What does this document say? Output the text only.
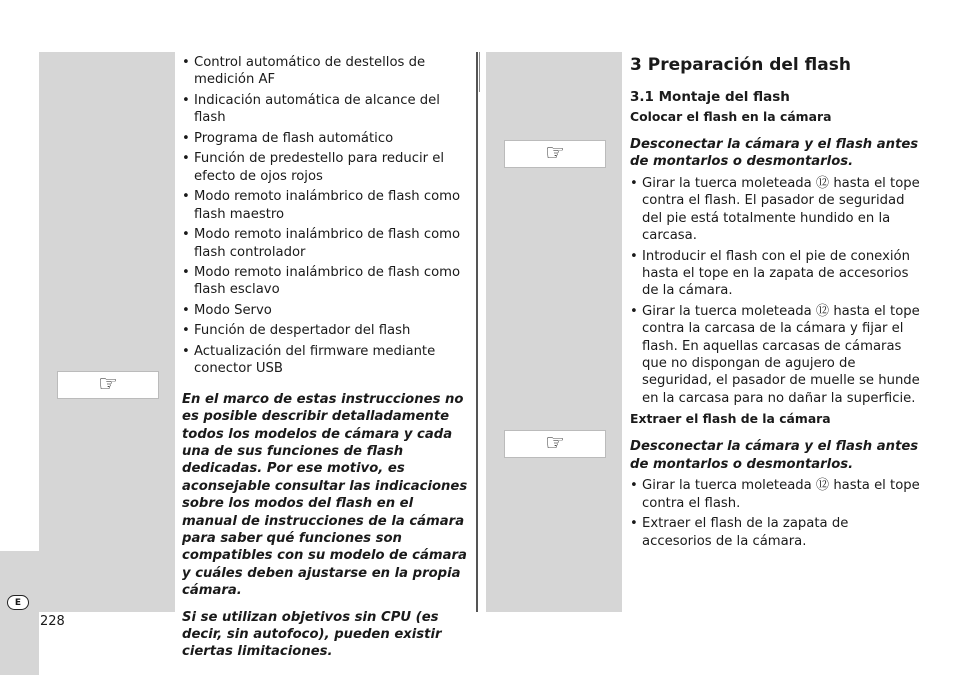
☞
☞
☞
• Control automático de destellos de medición AF
• Indicación automática de alcance del flash
• Programa de flash automático
• Función de predestello para reducir el efecto de ojos rojos
• Modo remoto inalámbrico de flash como flash maestro
• Modo remoto inalámbrico de flash como flash controlador
• Modo remoto inalámbrico de flash como flash esclavo
• Modo Servo
• Función de despertador del flash
• Actualización del firmware mediante conector USB

En el marco de estas instrucciones no es posible describir detalladamente todos los modelos de cámara y cada una de sus funciones de flash dedicadas. Por ese motivo, es aconsejable consultar las indicaciones sobre los modos del flash en el manual de instrucciones de la cámara para saber qué funciones son compatibles con su modelo de cámara y cuáles deben ajustarse en la propia cámara.

Si se utilizan objetivos sin CPU (es decir, sin autofoco), pueden existir ciertas limitaciones.

3 Preparación del flash
3.1 Montaje del flash
Colocar el flash en la cámara

Desconectar la cámara y el flash antes de montarlos o desmontarlos.

• Girar la tuerca moleteada ⑫ hasta el tope contra el flash. El pasador de seguridad del pie está totalmente hundido en la carcasa.
• Introducir el flash con el pie de conexión hasta el tope en la zapata de accesorios de la cámara.
• Girar la tuerca moleteada ⑫ hasta el tope contra la carcasa de la cámara y fijar el flash. En aquellas carcasas de cámaras que no dispongan de agujero de seguridad, el pasador de muelle se hunde en la carcasa para no dañar la superficie.
Extraer el flash de la cámara

Desconectar la cámara y el flash antes de montarlos o desmontarlos.

• Girar la tuerca moleteada ⑫ hasta el tope contra el flash.
• Extraer el flash de la zapata de accesorios de la cámara.
E
228
